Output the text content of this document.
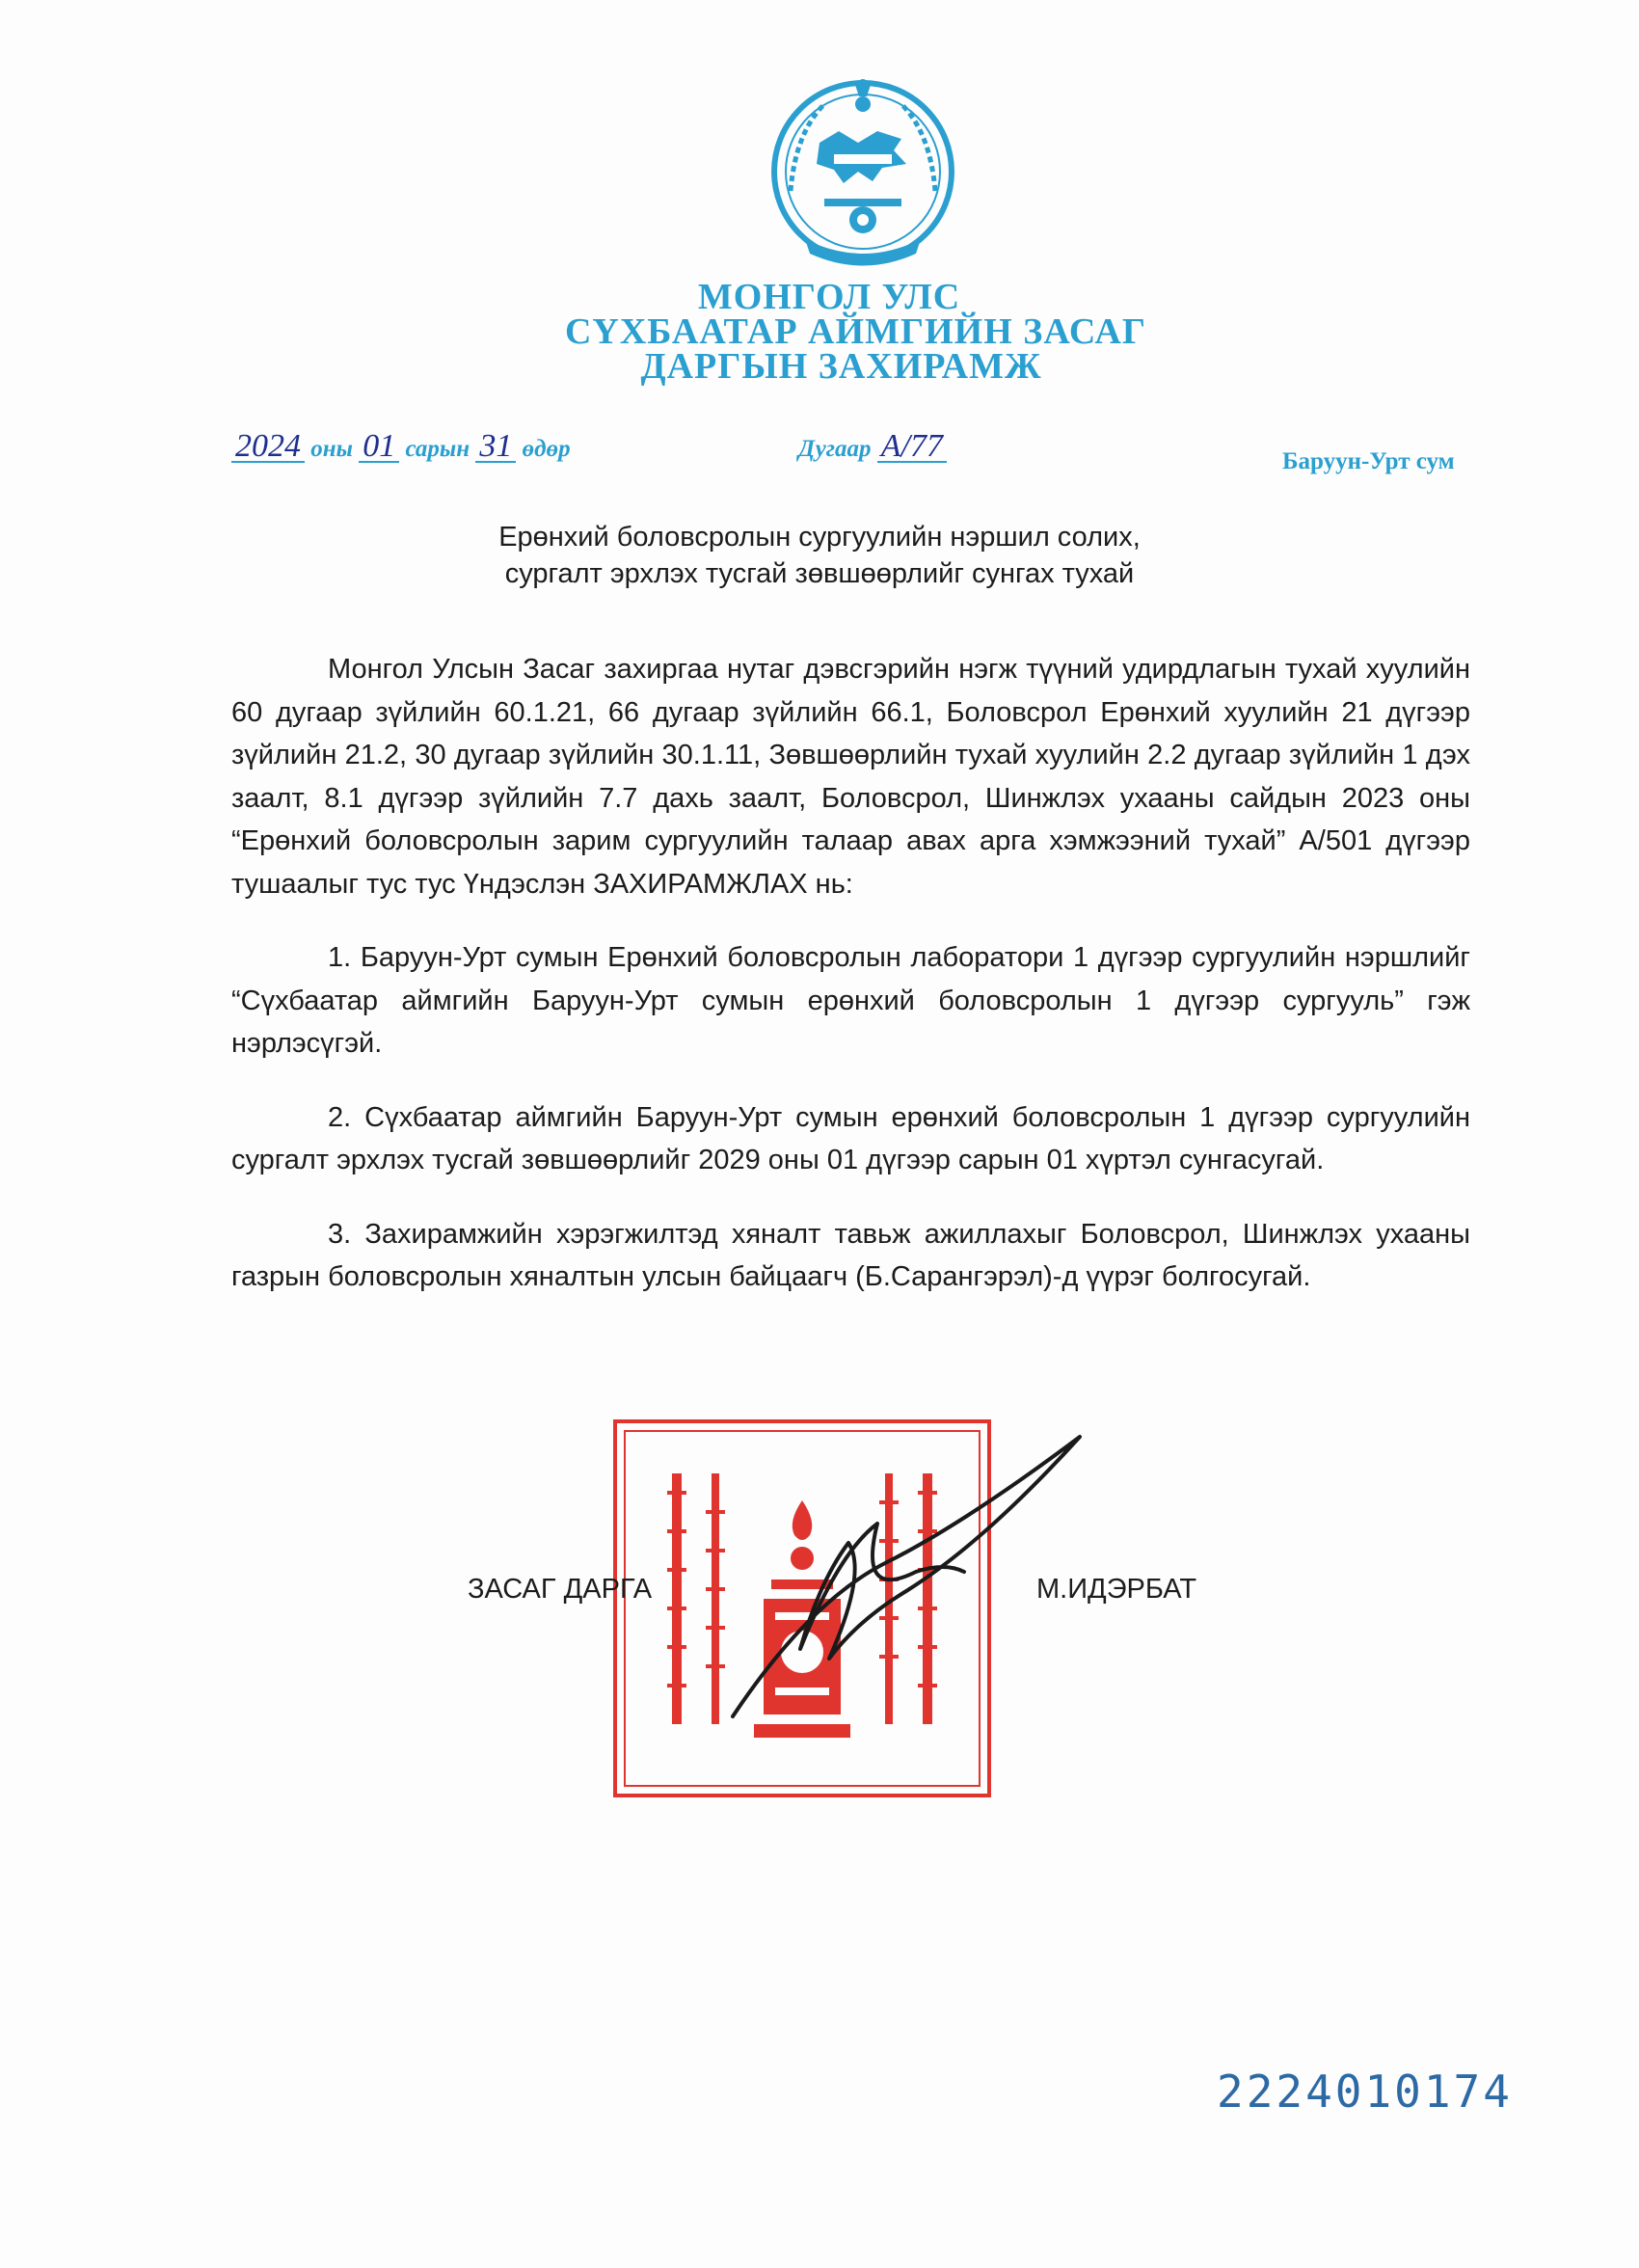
МОНГОЛ УЛС
СҮХБААТАР АЙМГИЙН ЗАСАГ
ДАРГЫН ЗАХИРАМЖ
2024 оны 01 сарын 31 өдөр	Дугаар А/77	Баруун-Урт сум
Ерөнхий боловсролын сургуулийн нэршил солих,
сургалт эрхлэх тусгай зөвшөөрлийг сунгах тухай

Монгол Улсын Засаг захиргаа нутаг дэвсгэрийн нэгж түүний удирдлагын тухай хуулийн 60 дугаар зүйлийн 60.1.21, 66 дугаар зүйлийн 66.1, Боловсрол Ерөнхий хуулийн 21 дүгээр зүйлийн 21.2, 30 дугаар зүйлийн 30.1.11, Зөвшөөрлийн тухай хуулийн 2.2 дугаар зүйлийн 1 дэх заалт, 8.1 дүгээр зүйлийн 7.7 дахь заалт, Боловсрол, Шинжлэх ухааны сайдын 2023 оны “Ерөнхий боловсролын зарим сургуулийн талаар авах арга хэмжээний тухай” А/501 дүгээр тушаалыг тус тус Үндэслэн ЗАХИРАМЖЛАХ нь:

1. Баруун-Урт сумын Ерөнхий боловсролын лаборатори 1 дүгээр сургуулийн нэршлийг “Сүхбаатар аймгийн Баруун-Урт сумын ерөнхий боловсролын 1 дүгээр сургууль” гэж нэрлэсүгэй.

2. Сүхбаатар аймгийн Баруун-Урт сумын ерөнхий боловсролын 1 дүгээр сургуулийн сургалт эрхлэх тусгай зөвшөөрлийг 2029 оны 01 дүгээр сарын 01 хүртэл сунгасугай.

3. Захирамжийн хэрэгжилтэд хяналт тавьж ажиллахыг Боловсрол, Шинжлэх ухааны газрын боловсролын хяналтын улсын байцаагч (Б.Сарангэрэл)-д үүрэг болгосугай.

ЗАСАГ ДАРГА	М.ИДЭРБАТ
2224010174
